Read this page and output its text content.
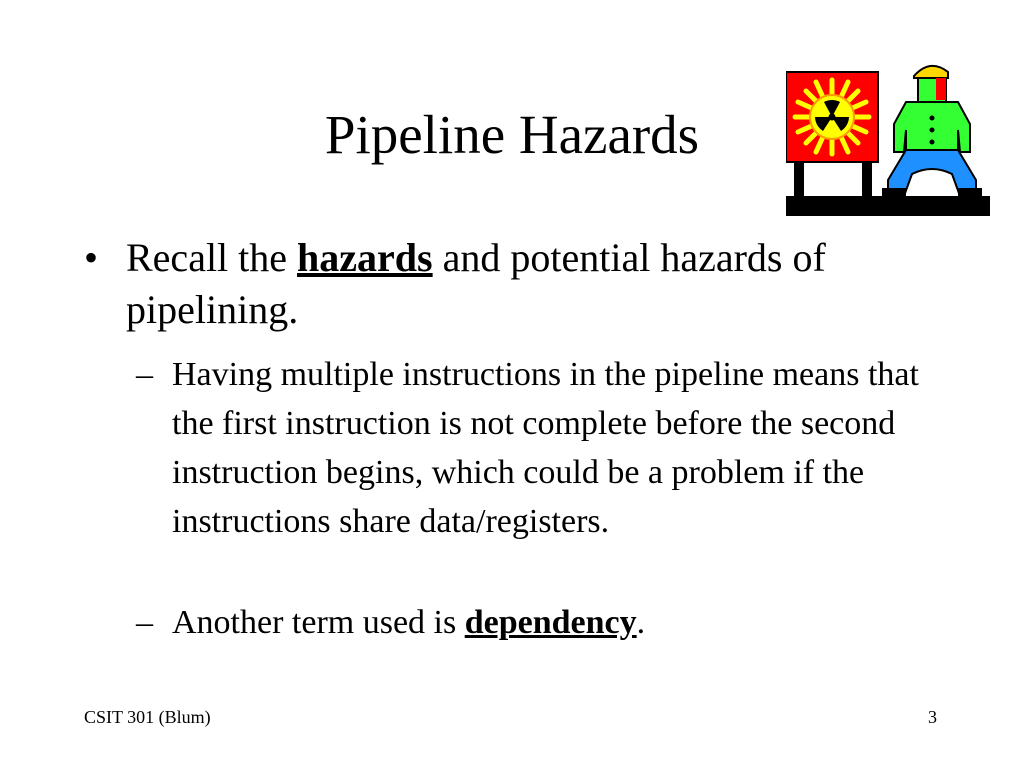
Pipeline Hazards
• Recall the hazards and potential hazards of pipelining.
– Having multiple instructions in the pipeline means that the first instruction is not complete before the second instruction begins, which could be a problem if the instructions share data/registers.
– Another term used is dependency.
CSIT 301 (Blum)	3
